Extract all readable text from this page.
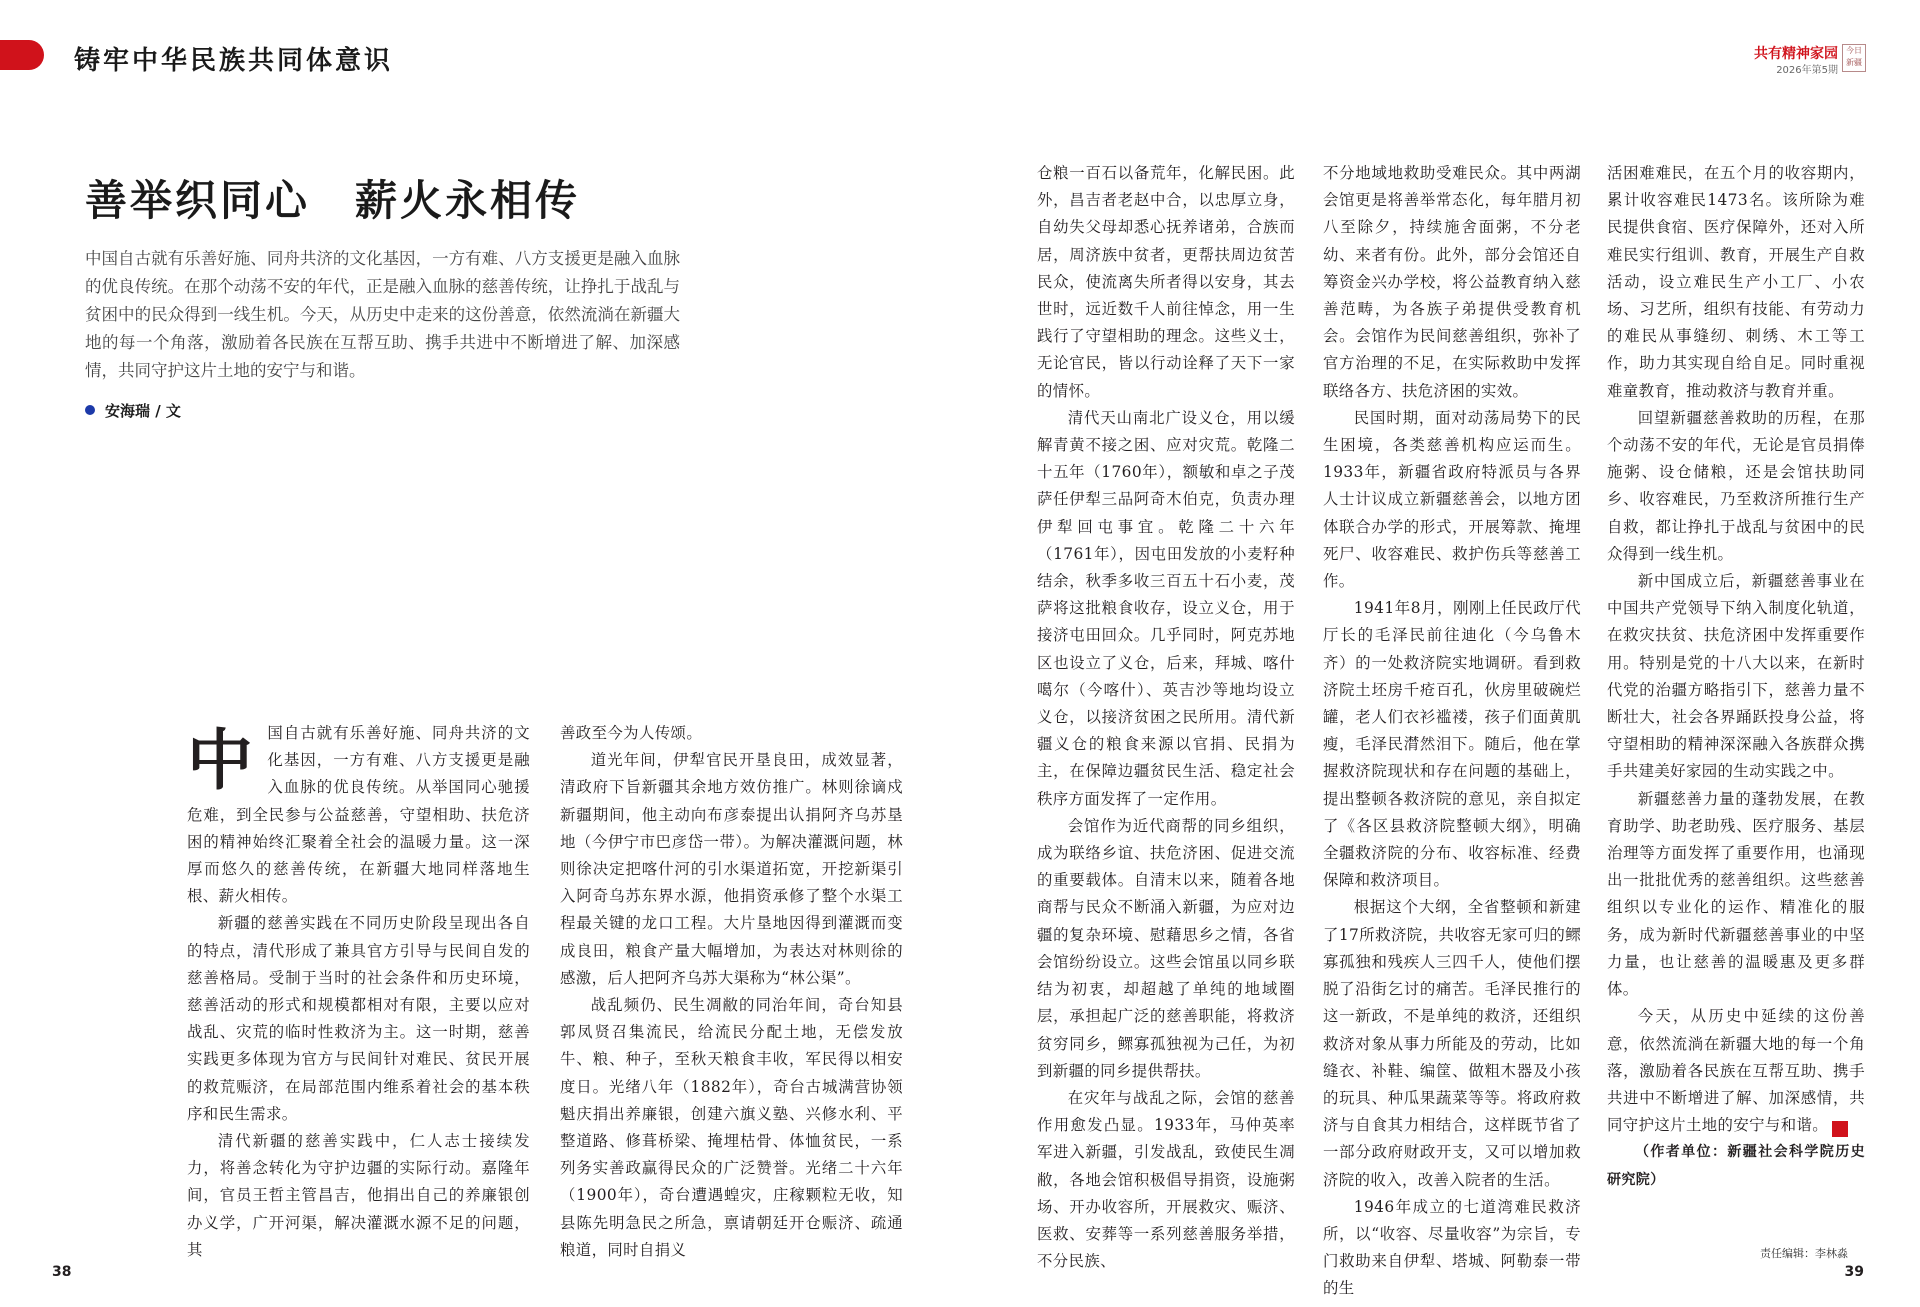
铸牢中华民族共同体意识	共有精神家园
2026年第5期
今日新疆
善举织同心　薪火永相传
中国自古就有乐善好施、同舟共济的文化基因，一方有难、八方支援更是融入血脉的优良传统。在那个动荡不安的年代，正是融入血脉的慈善传统，让挣扎于战乱与贫困中的民众得到一线生机。今天，从历史中走来的这份善意，依然流淌在新疆大地的每一个角落，激励着各民族在互帮互助、携手共进中不断增进了解、加深感情，共同守护这片土地的安宁与和谐。
安海瑞 / 文

中国自古就有乐善好施、同舟共济的文化基因，一方有难、八方支援更是融入血脉的优良传统。从举国同心驰援危难，到全民参与公益慈善，守望相助、扶危济困的精神始终汇聚着全社会的温暖力量。这一深厚而悠久的慈善传统，在新疆大地同样落地生根、薪火相传。

新疆的慈善实践在不同历史阶段呈现出各自的特点，清代形成了兼具官方引导与民间自发的慈善格局。受制于当时的社会条件和历史环境，慈善活动的形式和规模都相对有限，主要以应对战乱、灾荒的临时性救济为主。这一时期，慈善实践更多体现为官方与民间针对难民、贫民开展的救荒赈济，在局部范围内维系着社会的基本秩序和民生需求。

清代新疆的慈善实践中，仁人志士接续发力，将善念转化为守护边疆的实际行动。嘉隆年间，官员王哲主管昌吉，他捐出自己的养廉银创办义学，广开河渠，解决灌溉水源不足的问题，其

善政至今为人传颂。

道光年间，伊犁官民开垦良田，成效显著，清政府下旨新疆其余地方效仿推广。林则徐谪戍新疆期间，他主动向布彦泰提出认捐阿齐乌苏垦地（今伊宁市巴彦岱一带）。为解决灌溉问题，林则徐决定把喀什河的引水渠道拓宽，开挖新渠引入阿奇乌苏东界水源，他捐资承修了整个水渠工程最关键的龙口工程。大片垦地因得到灌溉而变成良田，粮食产量大幅增加，为表达对林则徐的感激，后人把阿齐乌苏大渠称为“林公渠”。

战乱频仍、民生凋敝的同治年间，奇台知县郭凤贤召集流民，给流民分配土地，无偿发放牛、粮、种子，至秋天粮食丰收，军民得以相安度日。光绪八年（1882年），奇台古城满营协领魁庆捐出养廉银，创建六旗义塾、兴修水利、平整道路、修葺桥梁、掩埋枯骨、体恤贫民，一系列务实善政赢得民众的广泛赞誉。光绪二十六年（1900年），奇台遭遇蝗灾，庄稼颗粒无收，知县陈先明急民之所急，禀请朝廷开仓赈济、疏通粮道，同时自捐义

仓粮一百石以备荒年，化解民困。此外，昌吉者老赵中合，以忠厚立身，自幼失父母却悉心抚养诸弟，合族而居，周济族中贫者，更帮扶周边贫苦民众，使流离失所者得以安身，其去世时，远近数千人前往悼念，用一生践行了守望相助的理念。这些义士，无论官民，皆以行动诠释了天下一家的情怀。

清代天山南北广设义仓，用以缓解青黄不接之困、应对灾荒。乾隆二十五年（1760年），额敏和卓之子茂萨任伊犁三品阿奇木伯克，负责办理伊犁回屯事宜。乾隆二十六年（1761年），因屯田发放的小麦籽种结余，秋季多收三百五十石小麦，茂萨将这批粮食收存，设立义仓，用于接济屯田回众。几乎同时，阿克苏地区也设立了义仓，后来，拜城、喀什噶尔（今喀什）、英吉沙等地均设立义仓，以接济贫困之民所用。清代新疆义仓的粮食来源以官捐、民捐为主，在保障边疆贫民生活、稳定社会秩序方面发挥了一定作用。

会馆作为近代商帮的同乡组织，成为联络乡谊、扶危济困、促进交流的重要载体。自清末以来，随着各地商帮与民众不断涌入新疆，为应对边疆的复杂环境、慰藉思乡之情，各省会馆纷纷设立。这些会馆虽以同乡联结为初衷，却超越了单纯的地域圈层，承担起广泛的慈善职能，将救济贫穷同乡，鳏寡孤独视为己任，为初到新疆的同乡提供帮扶。

在灾年与战乱之际，会馆的慈善作用愈发凸显。1933年，马仲英率军进入新疆，引发战乱，致使民生凋敝，各地会馆积极倡导捐资，设施粥场、开办收容所，开展救灾、赈济、医救、安葬等一系列慈善服务举措，不分民族、

不分地域地救助受难民众。其中两湖会馆更是将善举常态化，每年腊月初八至除夕，持续施舍面粥，不分老幼、来者有份。此外，部分会馆还自筹资金兴办学校，将公益教育纳入慈善范畴，为各族子弟提供受教育机会。会馆作为民间慈善组织，弥补了官方治理的不足，在实际救助中发挥联络各方、扶危济困的实效。

民国时期，面对动荡局势下的民生困境，各类慈善机构应运而生。1933年，新疆省政府特派员与各界人士计议成立新疆慈善会，以地方团体联合办学的形式，开展筹款、掩埋死尸、收容难民、救护伤兵等慈善工作。

1941年8月，刚刚上任民政厅代厅长的毛泽民前往迪化（今乌鲁木齐）的一处救济院实地调研。看到救济院土坯房千疮百孔，伙房里破碗烂罐，老人们衣衫褴褛，孩子们面黄肌瘦，毛泽民潸然泪下。随后，他在掌握救济院现状和存在问题的基础上，提出整顿各救济院的意见，亲自拟定了《各区县救济院整顿大纲》，明确全疆救济院的分布、收容标准、经费保障和救济项目。

根据这个大纲，全省整顿和新建了17所救济院，共收容无家可归的鳏寡孤独和残疾人三四千人，使他们摆脱了沿街乞讨的痛苦。毛泽民推行的这一新政，不是单纯的救济，还组织救济对象从事力所能及的劳动，比如缝衣、补鞋、编筐、做粗木器及小孩的玩具、种瓜果蔬菜等等。将政府救济与自食其力相结合，这样既节省了一部分政府财政开支，又可以增加救济院的收入，改善入院者的生活。

1946年成立的七道湾难民救济所，以“收容、尽量收容”为宗旨，专门救助来自伊犁、塔城、阿勒泰一带的生

活困难难民，在五个月的收容期内，累计收容难民1473名。该所除为难民提供食宿、医疗保障外，还对入所难民实行组训、教育，开展生产自救活动，设立难民生产小工厂、小农场、习艺所，组织有技能、有劳动力的难民从事缝纫、刺绣、木工等工作，助力其实现自给自足。同时重视难童教育，推动救济与教育并重。

回望新疆慈善救助的历程，在那个动荡不安的年代，无论是官员捐俸施粥、设仓储粮，还是会馆扶助同乡、收容难民，乃至救济所推行生产自救，都让挣扎于战乱与贫困中的民众得到一线生机。

新中国成立后，新疆慈善事业在中国共产党领导下纳入制度化轨道，在救灾扶贫、扶危济困中发挥重要作用。特别是党的十八大以来，在新时代党的治疆方略指引下，慈善力量不断壮大，社会各界踊跃投身公益，将守望相助的精神深深融入各族群众携手共建美好家园的生动实践之中。

新疆慈善力量的蓬勃发展，在教育助学、助老助残、医疗服务、基层治理等方面发挥了重要作用，也涌现出一批批优秀的慈善组织。这些慈善组织以专业化的运作、精准化的服务，成为新时代新疆慈善事业的中坚力量，也让慈善的温暖惠及更多群体。

今天，从历史中延续的这份善意，依然流淌在新疆大地的每一个角落，激励着各民族在互帮互助、携手共进中不断增进了解、加深感情，共同守护这片土地的安宁与和谐。	J

（作者单位：新疆社会科学院历史研究院）

责任编辑：李林淼
38	39
